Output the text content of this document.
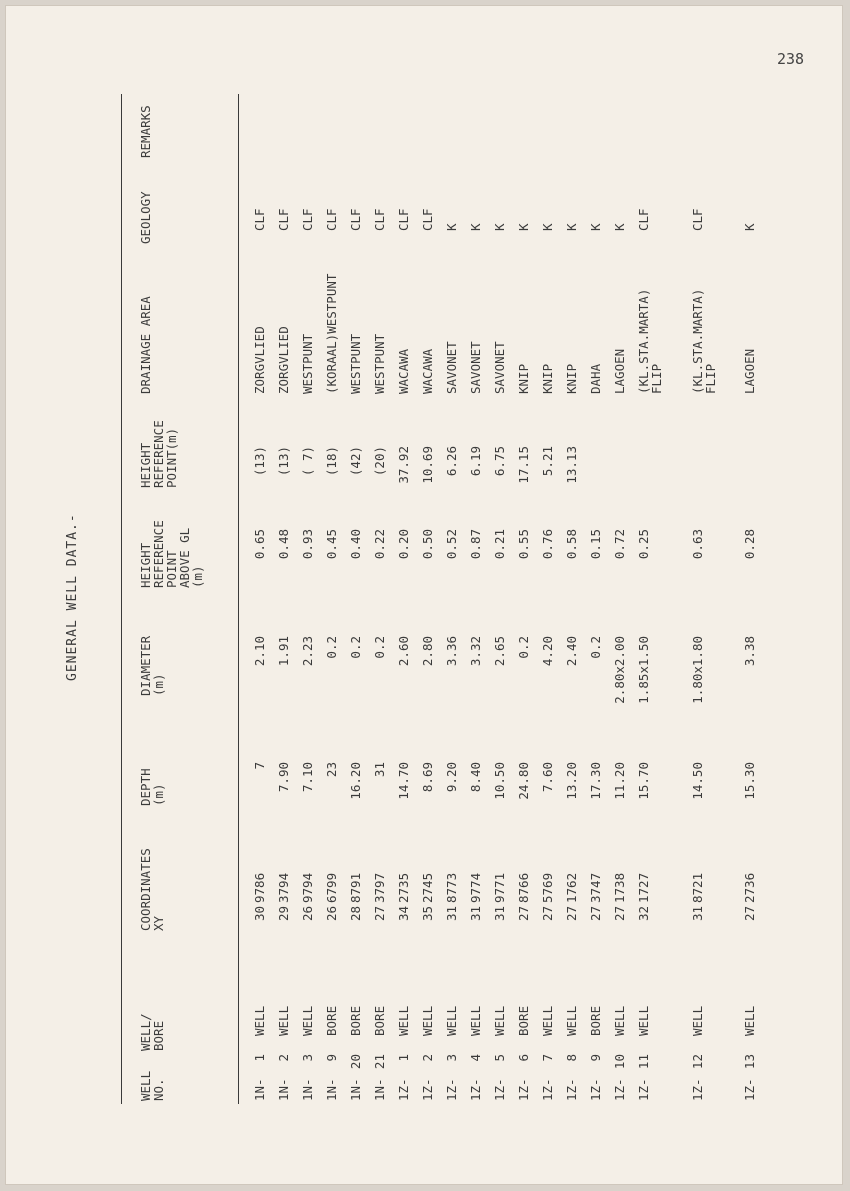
238
GENERAL WELL DATA.-
WELL
NO.
WELL/
BORE
COORDINATES
XY
DEPTH
(m)
DIAMETER
(m)
HEIGHT
REFERENCE
POINT
ABOVE GL
(m)
HEIGHT
REFERENCE
POINT(m)
DRAINAGE AREA
GEOLOGY
REMARKS
1N-
1
WELL
30
9786
7
2.10
0.65
(13)
ZORGVLIED
CLF
1N-
2
WELL
29
3794
7.90
1.91
0.48
(13)
ZORGVLIED
CLF
1N-
3
WELL
26
9794
7.10
2.23
0.93
( 7)
WESTPUNT
CLF
1N-
9
BORE
26
6799
23
0.2
0.45
(18)
(KORAAL)WESTPUNT
CLF
1N-
20
BORE
28
8791
16.20
0.2
0.40
(42)
WESTPUNT
CLF
1N-
21
BORE
27
3797
31
0.2
0.22
(20)
WESTPUNT
CLF
1Z-
1
WELL
34
2735
14.70
2.60
0.20
37.92
WACAWA
CLF
1Z-
2
WELL
35
2745
8.69
2.80
0.50
10.69
WACAWA
CLF
1Z-
3
WELL
31
8773
9.20
3.36
0.52
6.26
SAVONET
K
1Z-
4
WELL
31
9774
8.40
3.32
0.87
6.19
SAVONET
K
1Z-
5
WELL
31
9771
10.50
2.65
0.21
6.75
SAVONET
K
1Z-
6
BORE
27
8766
24.80
0.2
0.55
17.15
KNIP
K
1Z-
7
WELL
27
5769
7.60
4.20
0.76
5.21
KNIP
K
1Z-
8
WELL
27
1762
13.20
2.40
0.58
13.13
KNIP
K
1Z-
9
BORE
27
3747
17.30
0.2
0.15
DAHA
K
1Z-
10
WELL
27
1738
11.20
2.80x2.00
0.72
LAGOEN
K
1Z-
11
WELL
32
1727
15.70
1.85x1.50
0.25
(KL.STA.MARTA)
FLIP
CLF
1Z-
12
WELL
31
8721
14.50
1.80x1.80
0.63
(KL.STA.MARTA)
FLIP
CLF
1Z-
13
WELL
27
2736
15.30
3.38
0.28
LAGOEN
K
